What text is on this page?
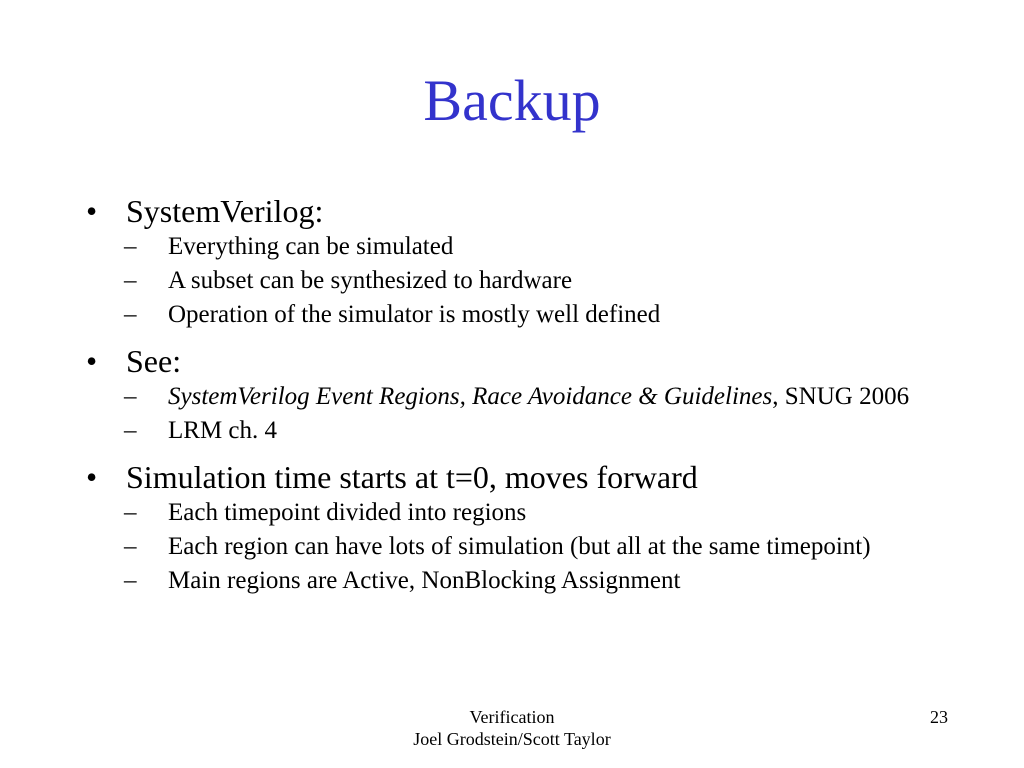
Backup
• SystemVerilog:
– Everything can be simulated
– A subset can be synthesized to hardware
– Operation of the simulator is mostly well defined
• See:
– SystemVerilog Event Regions, Race Avoidance & Guidelines, SNUG 2006
– LRM ch. 4
• Simulation time starts at t=0, moves forward
– Each timepoint divided into regions
– Each region can have lots of simulation (but all at the same timepoint)
– Main regions are Active, NonBlocking Assignment
Verification
Joel Grodstein/Scott Taylor
23
